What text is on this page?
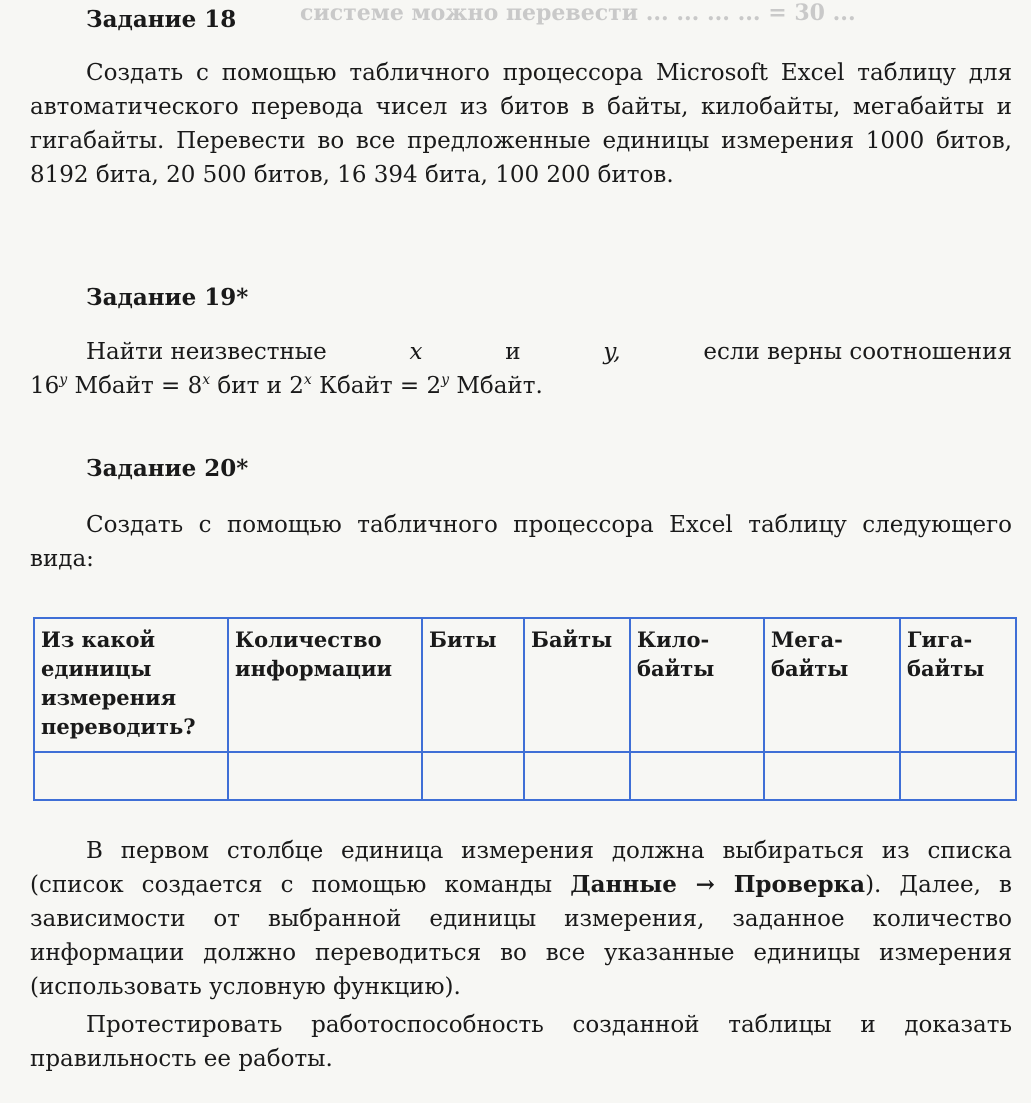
системе можно перевести ... ... ... ... = 30 ...
Задание 18

Создать с помощью табличного процессора Microsoft Excel таблицу для автоматического перевода чисел из битов в байты, килобайты, мегабайты и гигабайты. Перевести во все предложенные единицы измерения 1000 битов, 8192 бита, 20 500 битов, 16 394 бита, 100 200 битов.

Задание 19*
Найти неизвестные	x	и	y,	если верны соотношения
16$^y$ Мбайт = $8^x$ бит и 2$^x$ Кбайт = $2^y$ Мбайт.
Задание 20*

Создать с помощью табличного процессора Excel таблицу следующего вида:

Из какой единицы измерения переводить?	Количество информации	Биты	Байты	Кило-байты	Мега-байты	Гига-байты

В первом столбце единица измерения должна выбираться из списка (список создается с помощью команды Данные → Проверка). Далее, в зависимости от выбранной единицы измерения, заданное количество информации должно переводиться во все указанные единицы измерения (использовать условную функцию).

Протестировать работоспособность созданной таблицы и доказать правильность ее работы.
